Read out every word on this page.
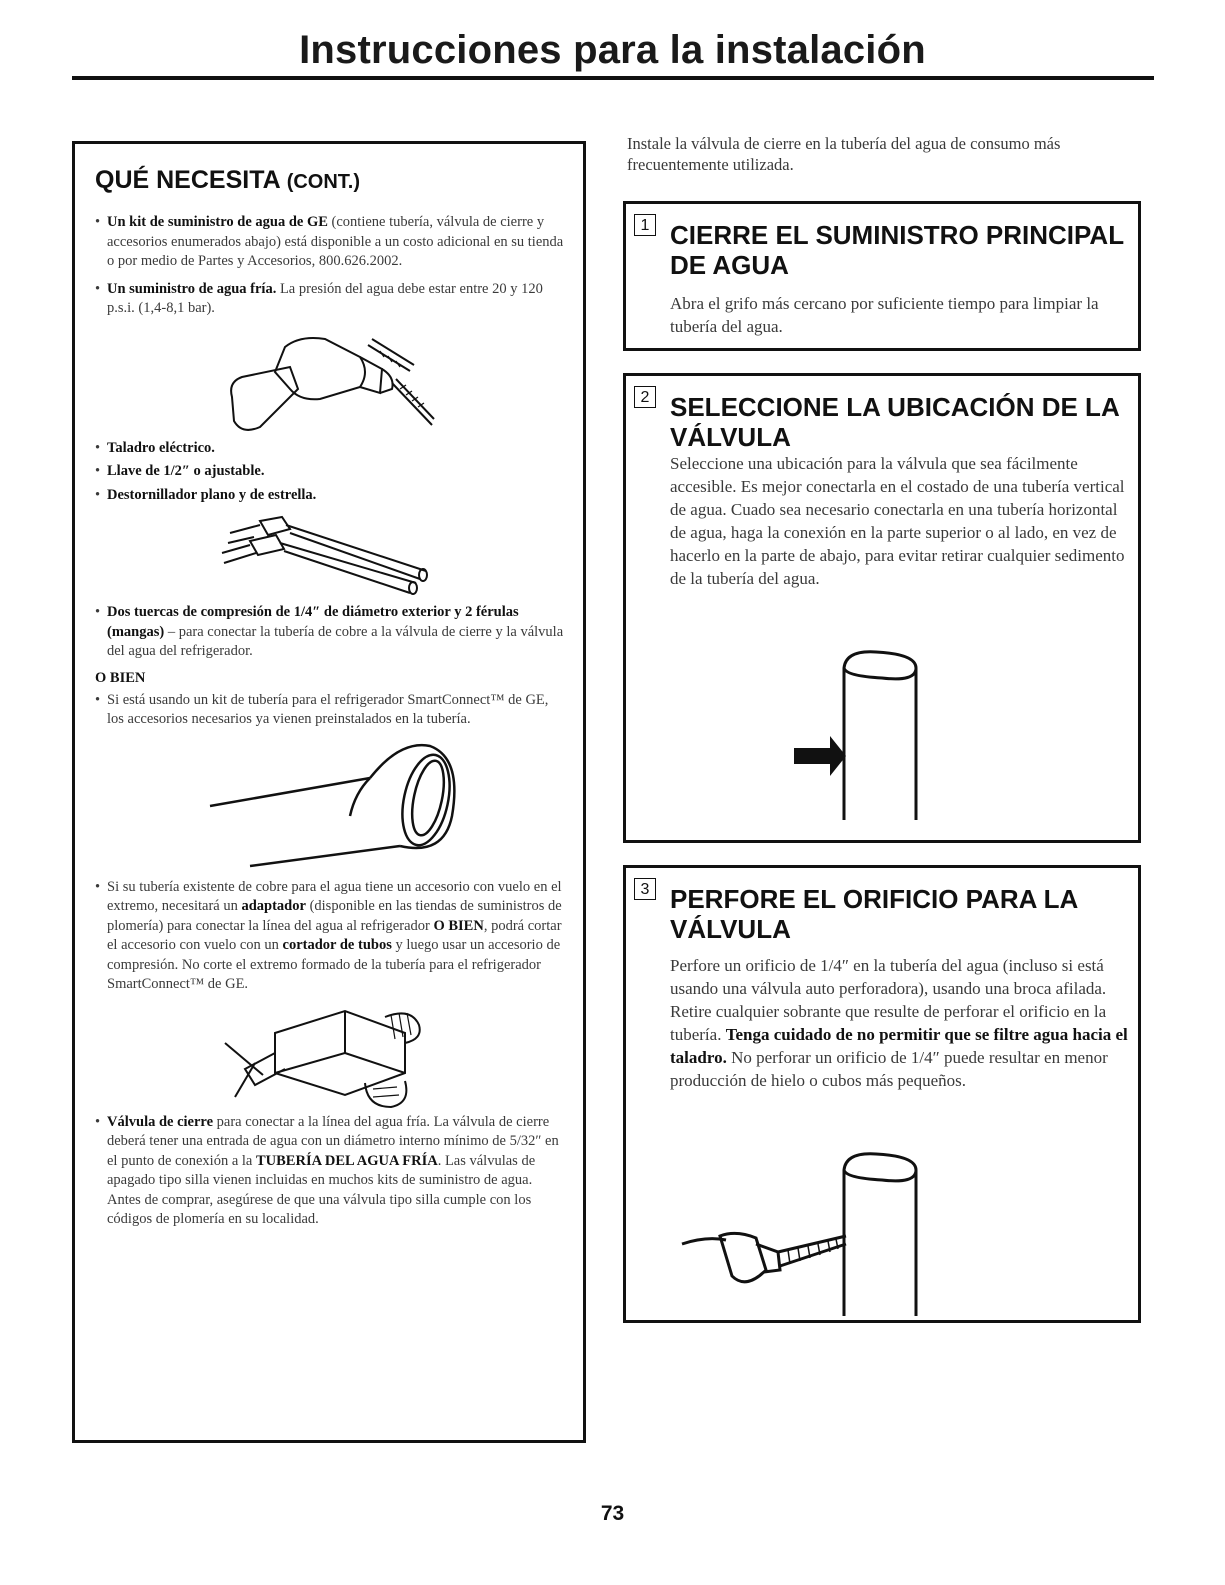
Instrucciones para la instalación
QUÉ NECESITA (CONT.)

• Un kit de suministro de agua de GE (contiene tubería, válvula de cierre y accesorios enumerados abajo) está disponible a un costo adicional en su tienda o por medio de Partes y Accesorios, 800.626.2002.

• Un suministro de agua fría. La presión del agua debe estar entre 20 y 120 p.s.i. (1,4-8,1 bar).

• Taladro eléctrico.

• Llave de 1/2″ o ajustable.

• Destornillador plano y de estrella.

• Dos tuercas de compresión de 1/4″ de diámetro exterior y 2 férulas (mangas) – para conectar la tubería de cobre a la válvula de cierre y la válvula del agua del refrigerador.

O BIEN

• Si está usando un kit de tubería para el refrigerador SmartConnect™ de GE, los accesorios necesarios ya vienen preinstalados en la tubería.

• Si su tubería existente de cobre para el agua tiene un accesorio con vuelo en el extremo, necesitará un adaptador (disponible en las tiendas de suministros de plomería) para conectar la línea del agua al refrigerador O BIEN, podrá cortar el accesorio con vuelo con un cortador de tubos y luego usar un accesorio de compresión. No corte el extremo formado de la tubería para el refrigerador SmartConnect™ de GE.

• Válvula de cierre para conectar a la línea del agua fría. La válvula de cierre deberá tener una entrada de agua con un diámetro interno mínimo de 5/32″ en el punto de conexión a la TUBERÍA DEL AGUA FRÍA. Las válvulas de apagado tipo silla vienen incluidas en muchos kits de suministro de agua. Antes de comprar, asegúrese de que una válvula tipo silla cumple con los códigos de plomería en su localidad.

Instale la válvula de cierre en la tubería del agua de consumo más frecuentemente utilizada.
1 CIERRE EL SUMINISTRO PRINCIPAL DE AGUA
Abra el grifo más cercano por suficiente tiempo para limpiar la tubería del agua.
2 SELECCIONE LA UBICACIÓN DE LA VÁLVULA
Seleccione una ubicación para la válvula que sea fácilmente accesible. Es mejor conectarla en el costado de una tubería vertical de agua. Cuado sea necesario conectarla en una tubería horizontal de agua, haga la conexión en la parte superior o al lado, en vez de hacerlo en la parte de abajo, para evitar retirar cualquier sedimento de la tubería del agua.
3 PERFORE EL ORIFICIO PARA LA VÁLVULA
Perfore un orificio de 1/4″ en la tubería del agua (incluso si está usando una válvula auto perforadora), usando una broca afilada. Retire cualquier sobrante que resulte de perforar el orificio en la tubería. Tenga cuidado de no permitir que se filtre agua hacia el taladro. No perforar un orificio de 1/4″ puede resultar en menor producción de hielo o cubos más pequeños.
73
